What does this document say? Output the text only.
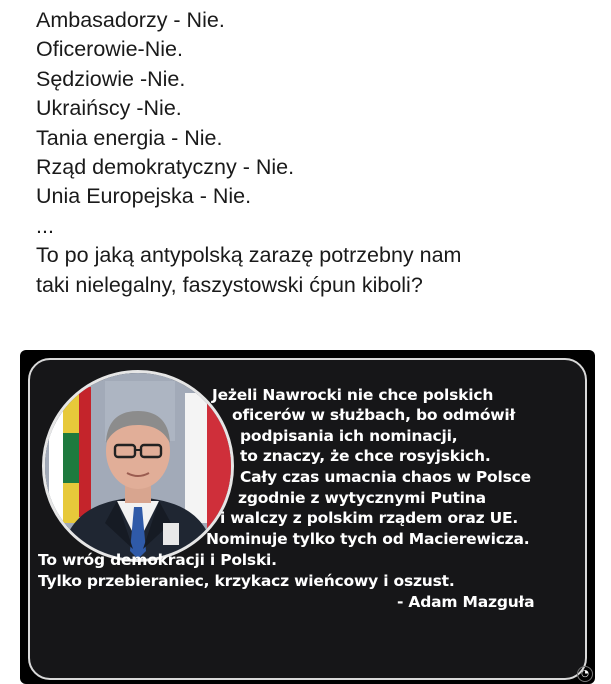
Ambasadorzy - Nie.
Oficerowie-Nie.
Sędziowie -Nie.
Ukraińscy -Nie.
Tania energia - Nie.
Rząd demokratyczny - Nie.
Unia Europejska - Nie.
...
To po jaką antypolską zarazę potrzebny nam
taki nielegalny, faszystowski ćpun kiboli?
Jeżeli Nawrocki nie chce polskich
oficerów w służbach, bo odmówił
podpisania ich nominacji,
to znaczy, że chce rosyjskich.
Cały czas umacnia chaos w Polsce
zgodnie z wytycznymi Putina
i walczy z polskim rządem oraz UE.
Nominuje tylko tych od Macierewicza.
To wróg demokracji i Polski.
Tylko przebieraniec, krzykacz wieńcowy i oszust.
- Adam Mazguła
◔
